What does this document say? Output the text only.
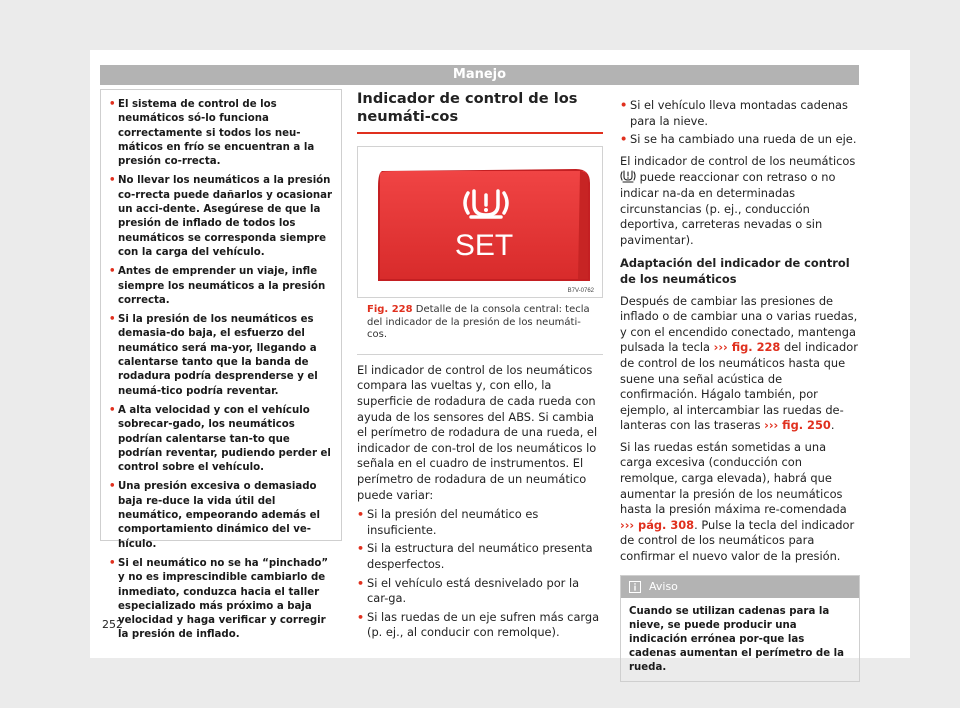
Manejo
• El sistema de control de los neumáticos só-lo funciona correctamente si todos los neu-máticos en frío se encuentran a la presión co-rrecta.
• No llevar los neumáticos a la presión co-rrecta puede dañarlos y ocasionar un acci-dente. Asegúrese de que la presión de inflado de todos los neumáticos se corresponda siempre con la carga del vehículo.
• Antes de emprender un viaje, infle siempre los neumáticos a la presión correcta.
• Si la presión de los neumáticos es demasia-do baja, el esfuerzo del neumático será ma-yor, llegando a calentarse tanto que la banda de rodadura podría desprenderse y el neumá-tico podría reventar.
• A alta velocidad y con el vehículo sobrecar-gado, los neumáticos podrían calentarse tan-to que podrían reventar, pudiendo perder el control sobre el vehículo.
• Una presión excesiva o demasiado baja re-duce la vida útil del neumático, empeorando además el comportamiento dinámico del ve-hículo.
• Si el neumático no se ha “pinchado” y no es imprescindible cambiarlo de inmediato, conduzca hacia el taller especializado más próximo a baja velocidad y haga verificar y corregir la presión de inflado.
Indicador de control de los neumáti-cos
SET
B7V-0762
Fig. 228 Detalle de la consola central: tecla del indicador de la presión de los neumáti-cos.

El indicador de control de los neumáticos compara las vueltas y, con ello, la superficie de rodadura de cada rueda con ayuda de los sensores del ABS. Si cambia el perímetro de rodadura de una rueda, el indicador de con-trol de los neumáticos lo señala en el cuadro de instrumentos. El perímetro de rodadura de un neumático puede variar:

• Si la presión del neumático es insuficiente.
• Si la estructura del neumático presenta desperfectos.
• Si el vehículo está desnivelado por la car-ga.
• Si las ruedas de un eje sufren más carga (p. ej., al conducir con remolque).
• Si el vehículo lleva montadas cadenas para la nieve.
• Si se ha cambiado una rueda de un eje.

El indicador de control de los neumáticos  puede reaccionar con retraso o no indicar na-da en determinadas circunstancias (p. ej., conducción deportiva, carreteras nevadas o sin pavimentar).

Adaptación del indicador de control de los neumáticos

Después de cambiar las presiones de inflado o de cambiar una o varias ruedas, y con el encendido conectado, mantenga pulsada la tecla ››› fig. 228 del indicador de control de los neumáticos hasta que suene una señal acústica de confirmación. Hágalo también, por ejemplo, al intercambiar las ruedas de-lanteras con las traseras ››› fig. 250.

Si las ruedas están sometidas a una carga excesiva (conducción con remolque, carga elevada), habrá que aumentar la presión de los neumáticos hasta la presión máxima re-comendada ››› pág. 308. Pulse la tecla del indicador de control de los neumáticos para confirmar el nuevo valor de la presión.

Aviso
Cuando se utilizan cadenas para la nieve, se puede producir una indicación errónea por-que las cadenas aumentan el perímetro de la rueda.
252
